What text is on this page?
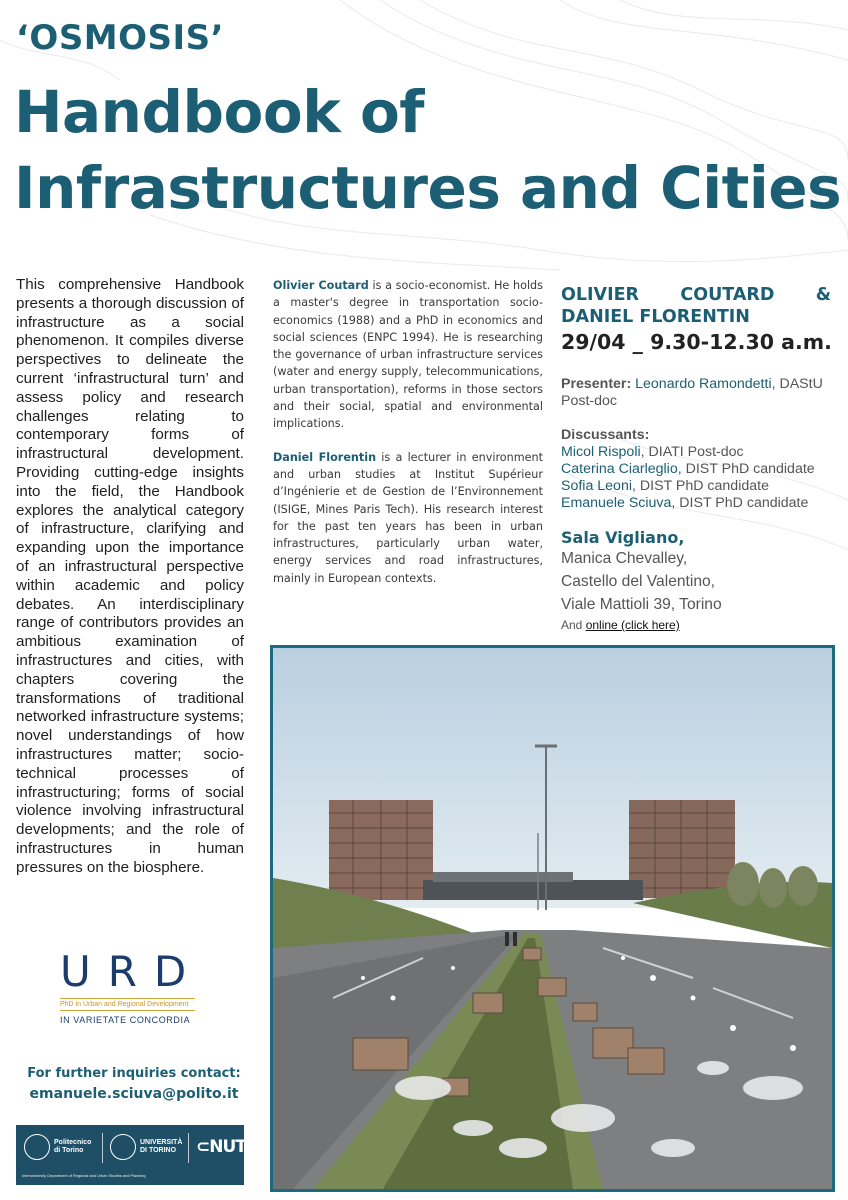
‘OSMOSIS’
Handbook of Infrastructures and Cities
This comprehensive Handbook presents a thorough discussion of infrastructure as a social phenomenon. It compiles diverse perspectives to delineate the current ‘infrastructural turn’ and assess policy and research challenges relating to contemporary forms of infrastructural development. Providing cutting-edge insights into the field, the Handbook explores the analytical category of infrastructure, clarifying and expanding upon the importance of an infrastructural perspective within academic and policy debates. An interdisciplinary range of contributors provides an ambitious examination of infrastructures and cities, with chapters covering the transformations of traditional networked infrastructure systems; novel understandings of how infrastructures matter; socio-technical processes of infrastructuring; forms of social violence involving infrastructural developments; and the role of infrastructures in human pressures on the biosphere.

Olivier Coutard is a socio-economist. He holds a master's degree in transportation socio-economics (1988) and a PhD in economics and social sciences (ENPC 1994). He is researching the governance of urban infrastructure services (water and energy supply, telecommunications, urban transportation), reforms in those sectors and their social, spatial and environmental implications.

Daniel Florentin is a lecturer in environment and urban studies at Institut Supérieur d’Ingénierie et de Gestion de l’Environnement (ISIGE, Mines Paris Tech). His research interest for the past ten years has been in urban infrastructures, particularly urban water, energy services and road infrastructures, mainly in European contexts.

OLIVIER COUTARD & DANIEL FLORENTIN
29/04 _ 9.30-12.30 a.m.
Presenter: Leonardo Ramondetti, DAStU Post-doc
Discussants:
Micol Rispoli, DIATI Post-doc
Caterina Ciarleglio, DIST PhD candidate
Sofia Leoni, DIST PhD candidate
Emanuele Sciuva, DIST PhD candidate
Sala Vigliano,
Manica Chevalley,
Castello del Valentino,
Viale Mattioli 39, Torino
And online (click here)
URD
PhD in Urban and Regional Development
IN VARIETATE CONCORDIA
For further inquiries contact:
emanuele.sciuva@polito.it
Politecnico di Torino
UNIVERSITÀ DI TORINO	⊂NUT
Interuniversity Department of Regional and Urban Studies and Planning
